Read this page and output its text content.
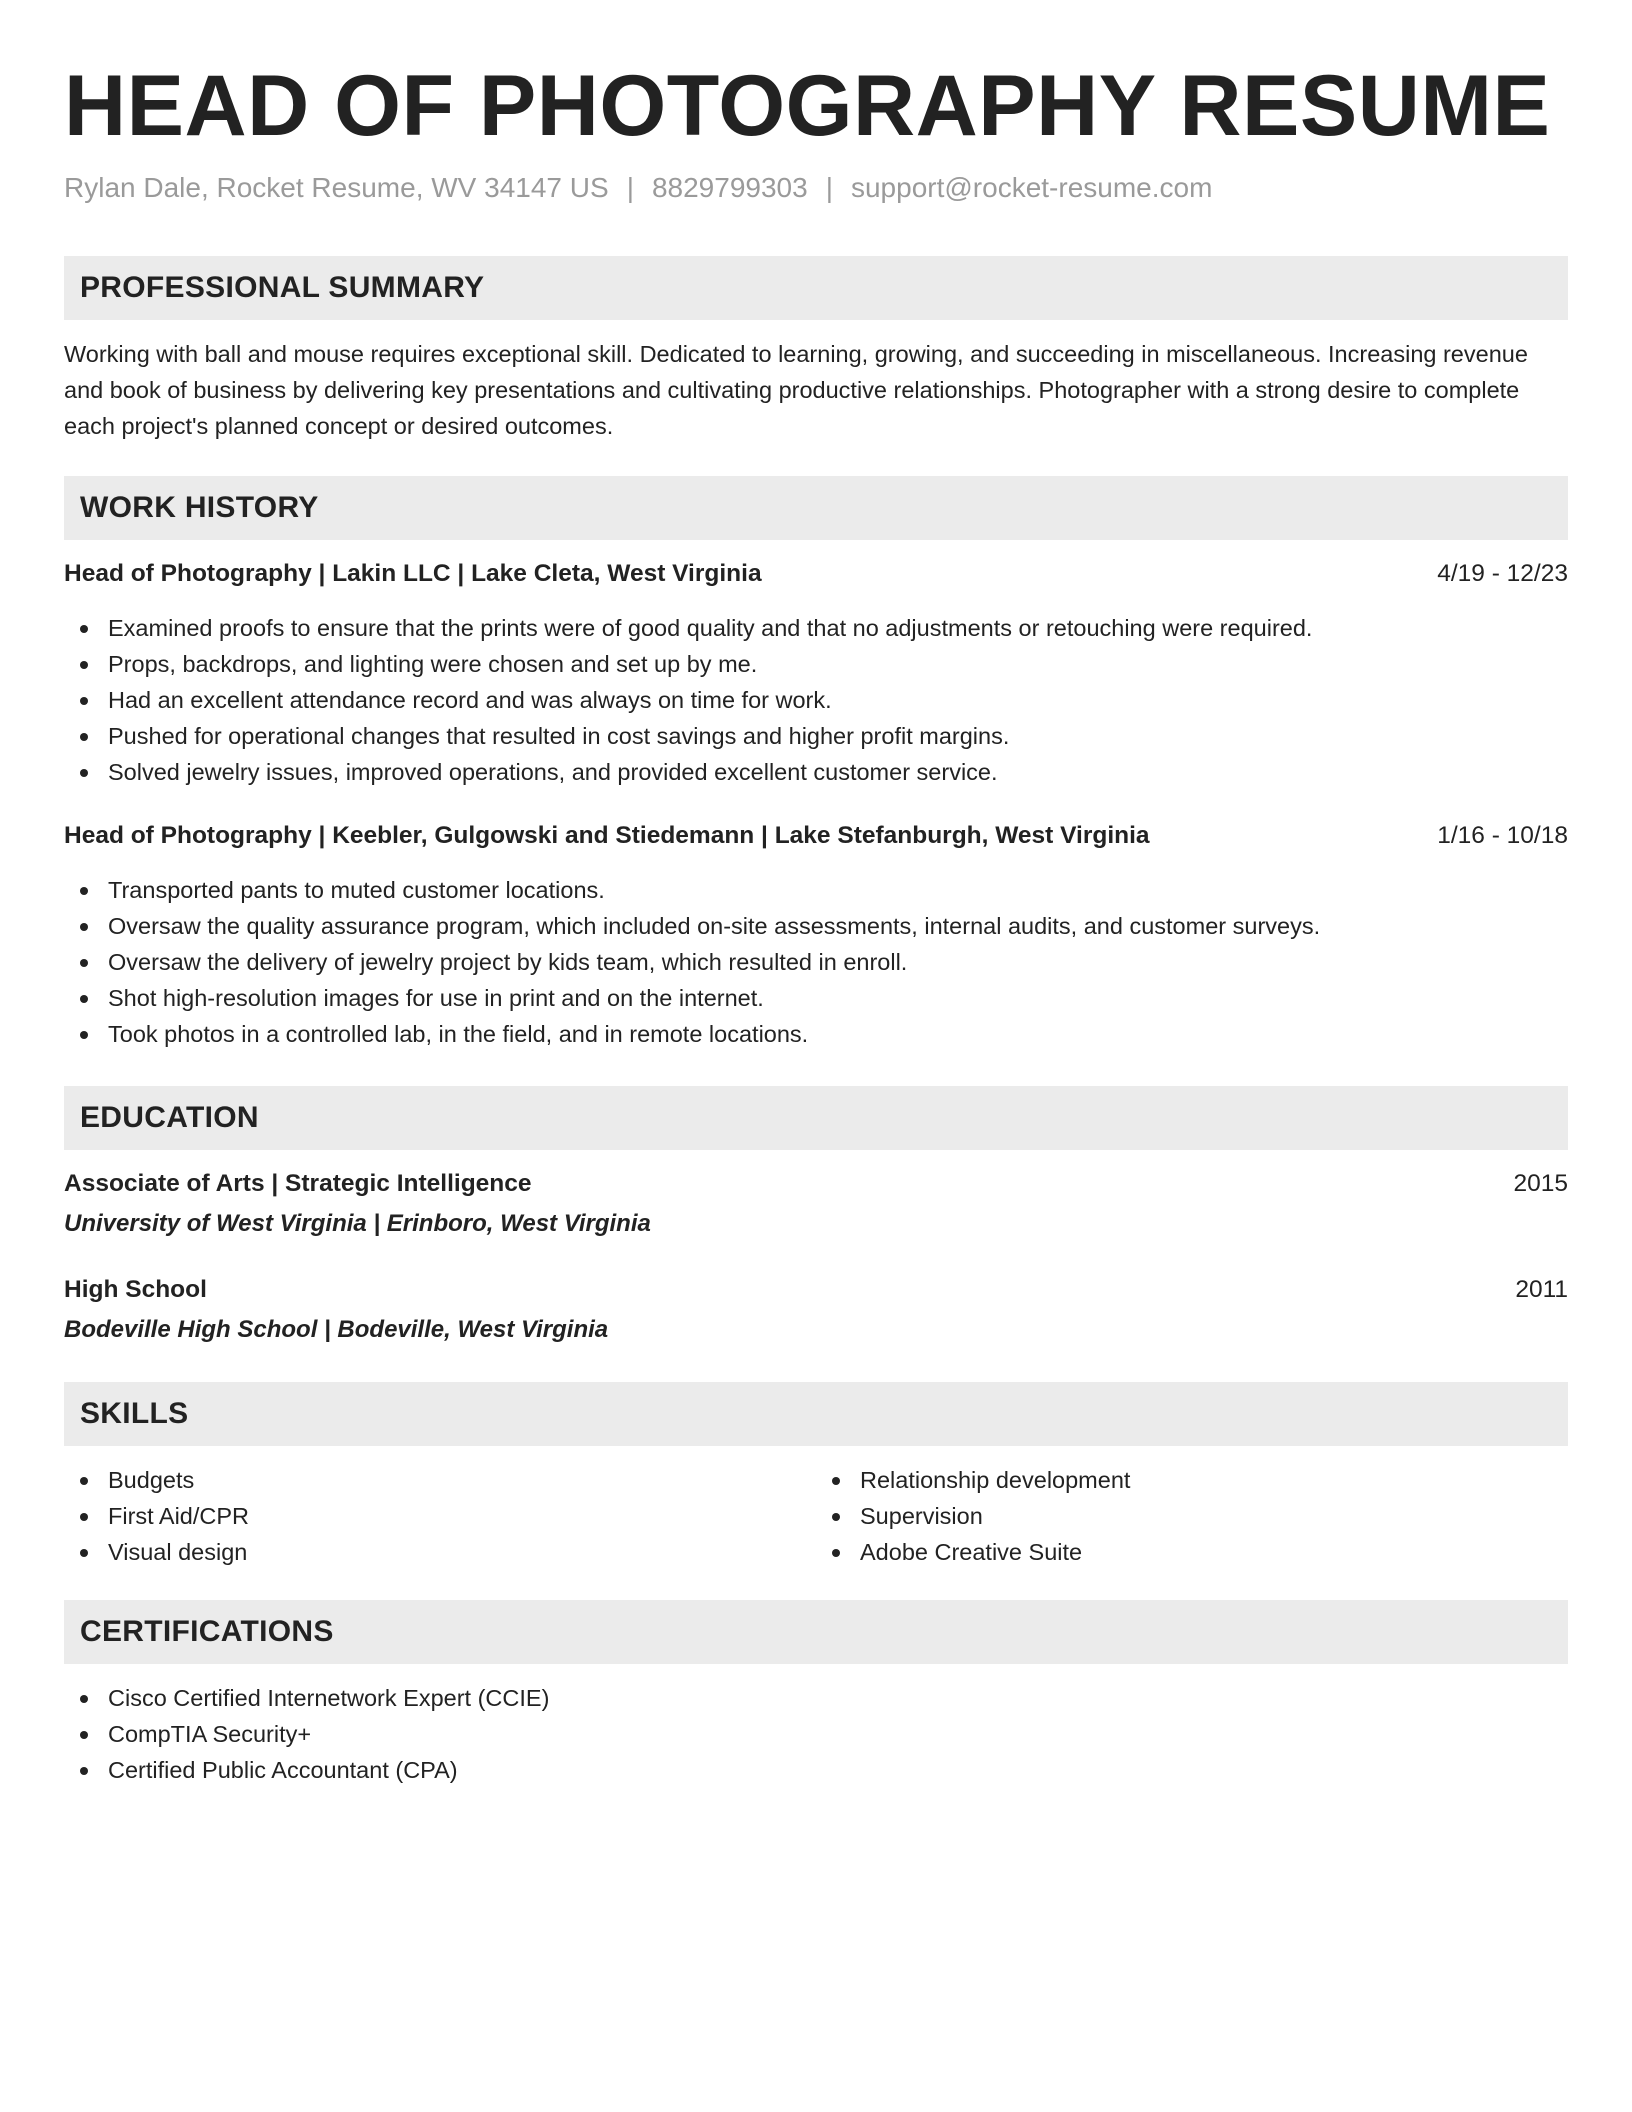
HEAD OF PHOTOGRAPHY RESUME
Rylan Dale, Rocket Resume, WV 34147 US | 8829799303 | support@rocket-resume.com
PROFESSIONAL SUMMARY

Working with ball and mouse requires exceptional skill. Dedicated to learning, growing, and succeeding in miscellaneous. Increasing revenue and book of business by delivering key presentations and cultivating productive relationships. Photographer with a strong desire to complete each project's planned concept or desired outcomes.

WORK HISTORY
Head of Photography | Lakin LLC | Lake Cleta, West Virginia	4/19 - 12/23
Examined proofs to ensure that the prints were of good quality and that no adjustments or retouching were required.
Props, backdrops, and lighting were chosen and set up by me.
Had an excellent attendance record and was always on time for work.
Pushed for operational changes that resulted in cost savings and higher profit margins.
Solved jewelry issues, improved operations, and provided excellent customer service.
Head of Photography | Keebler, Gulgowski and Stiedemann | Lake Stefanburgh, West Virginia	1/16 - 10/18
Transported pants to muted customer locations.
Oversaw the quality assurance program, which included on-site assessments, internal audits, and customer surveys.
Oversaw the delivery of jewelry project by kids team, which resulted in enroll.
Shot high-resolution images for use in print and on the internet.
Took photos in a controlled lab, in the field, and in remote locations.
EDUCATION
Associate of Arts | Strategic Intelligence	2015
University of West Virginia | Erinboro, West Virginia
High School	2011
Bodeville High School | Bodeville, West Virginia
SKILLS
Budgets
First Aid/CPR
Visual design
Relationship development
Supervision
Adobe Creative Suite
CERTIFICATIONS
Cisco Certified Internetwork Expert (CCIE)
CompTIA Security+
Certified Public Accountant (CPA)
